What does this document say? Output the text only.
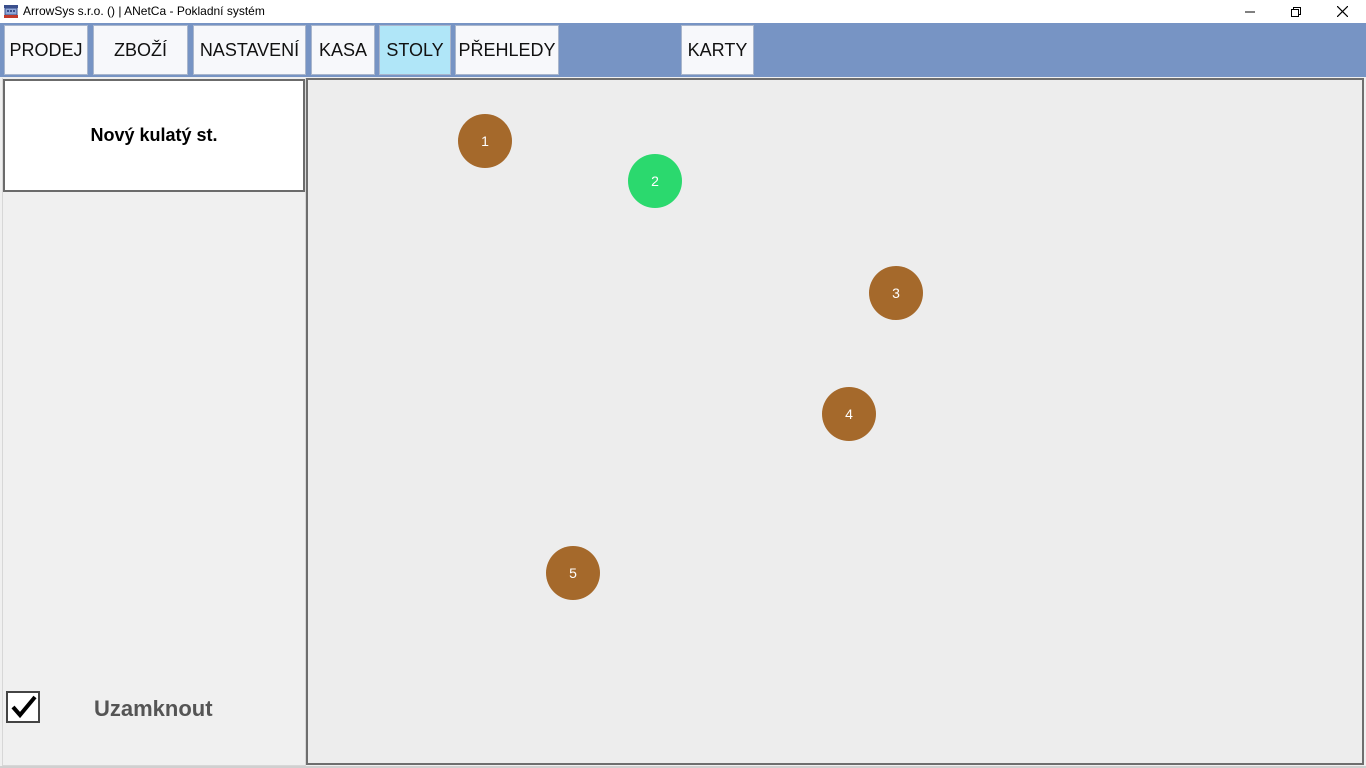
ArrowSys s.r.o. () | ANetCa - Pokladní systém
PRODEJ	ZBOŽÍ	NASTAVENÍ	KASA	STOLY PŘEHLEDY	KARTY
Nový kulatý st.
Uzamknout
1
2
3
4
5
